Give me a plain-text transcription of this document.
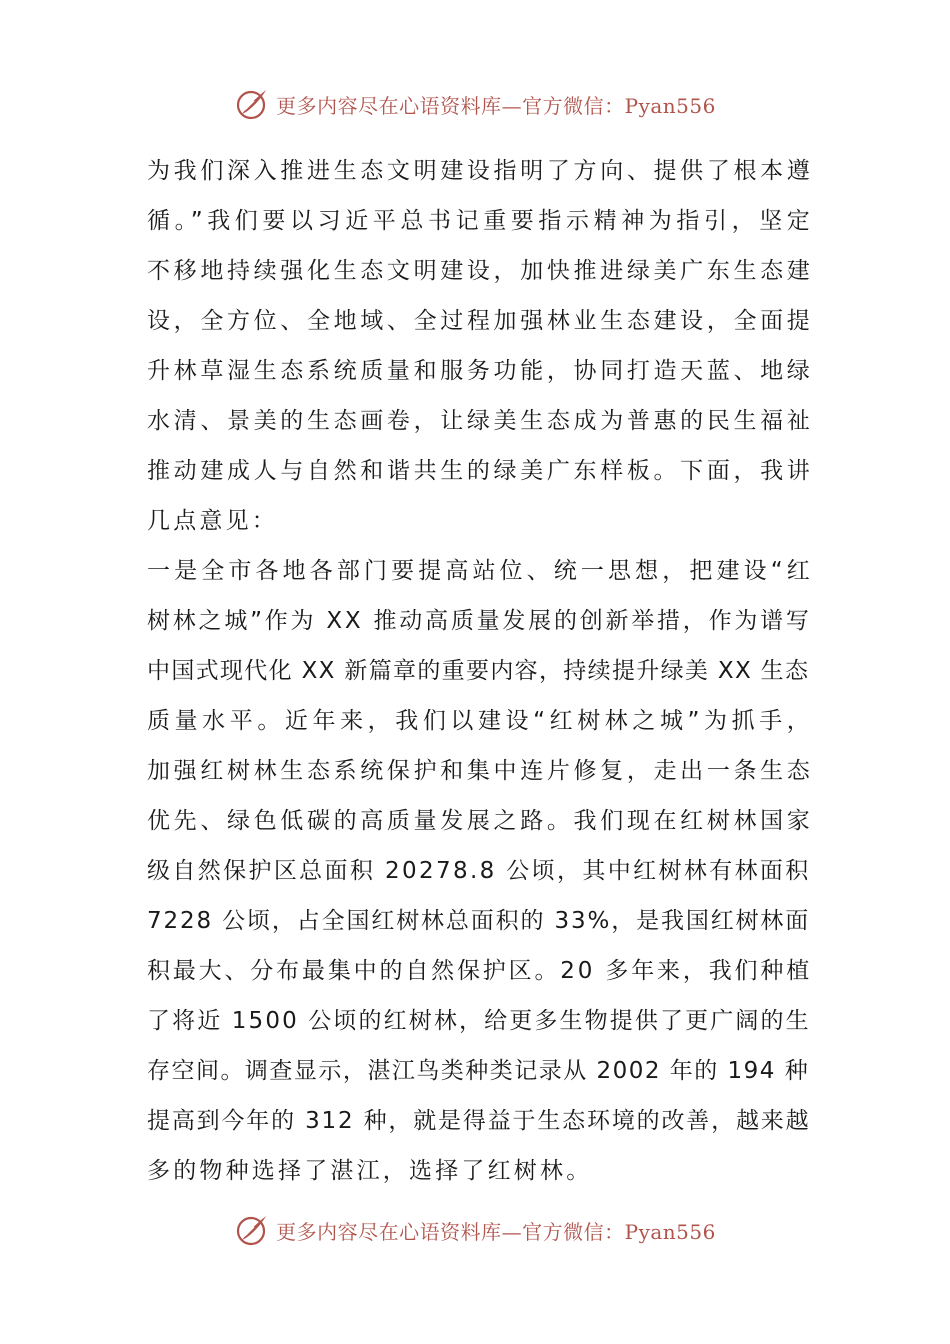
更多内容尽在心语资料库—官方微信：Pyan556
为我们深入推进生态文明建设指明了方向、提供了根本遵
循。”我们要以习近平总书记重要指示精神为指引，坚定
不移地持续强化生态文明建设，加快推进绿美广东生态建
设，全方位、全地域、全过程加强林业生态建设，全面提
升林草湿生态系统质量和服务功能，协同打造天蓝、地绿
水清、景美的生态画卷，让绿美生态成为普惠的民生福祉
推动建成人与自然和谐共生的绿美广东样板。下面，我讲
几点意见：
一是全市各地各部门要提高站位、统一思想，把建设“红
树林之城”作为 XX 推动高质量发展的创新举措，作为谱写
中国式现代化 XX 新篇章的重要内容，持续提升绿美 XX 生态
质量水平。近年来，我们以建设“红树林之城”为抓手，
加强红树林生态系统保护和集中连片修复，走出一条生态
优先、绿色低碳的高质量发展之路。我们现在红树林国家
级自然保护区总面积 20278.8 公顷，其中红树林有林面积
7228 公顷，占全国红树林总面积的 33%，是我国红树林面
积最大、分布最集中的自然保护区。20 多年来，我们种植
了将近 1500 公顷的红树林，给更多生物提供了更广阔的生
存空间。调查显示，湛江鸟类种类记录从 2002 年的 194 种
提高到今年的 312 种，就是得益于生态环境的改善，越来越
多的物种选择了湛江，选择了红树林。
更多内容尽在心语资料库—官方微信：Pyan556
